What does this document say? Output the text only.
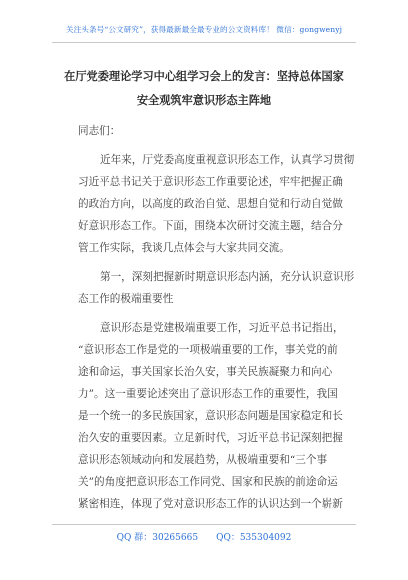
关注头条号“公文研究”，获得最新最全最专业的公文资料库！ 微信：gongwenyj
在厅党委理论学习中心组学习会上的发言：坚持总体国家
安全观筑牢意识形态主阵地
同志们：
近年来，厅党委高度重视意识形态工作，认真学习贯彻
习近平总书记关于意识形态工作重要论述，牢牢把握正确
的政治方向，以高度的政治自觉、思想自觉和行动自觉做
好意识形态工作。下面，围绕本次研讨交流主题，结合分
管工作实际，我谈几点体会与大家共同交流。
第一，深刻把握新时期意识形态内涵，充分认识意识形
态工作的极端重要性
意识形态是党建极端重要工作，习近平总书记指出，
“意识形态工作是党的一项极端重要的工作，事关党的前
途和命运，事关国家长治久安，事关民族凝聚力和向心
力”。这一重要论述突出了意识形态工作的重要性，我国
是一个统一的多民族国家，意识形态问题是国家稳定和长
治久安的重要因素。立足新时代，习近平总书记深刻把握
意识形态领域动向和发展趋势，从极端重要和“三个事
关”的角度把意识形态工作同党、国家和民族的前途命运
紧密相连，体现了党对意识形态工作的认识达到一个崭新
QQ 群：30265665 QQ：535304092
